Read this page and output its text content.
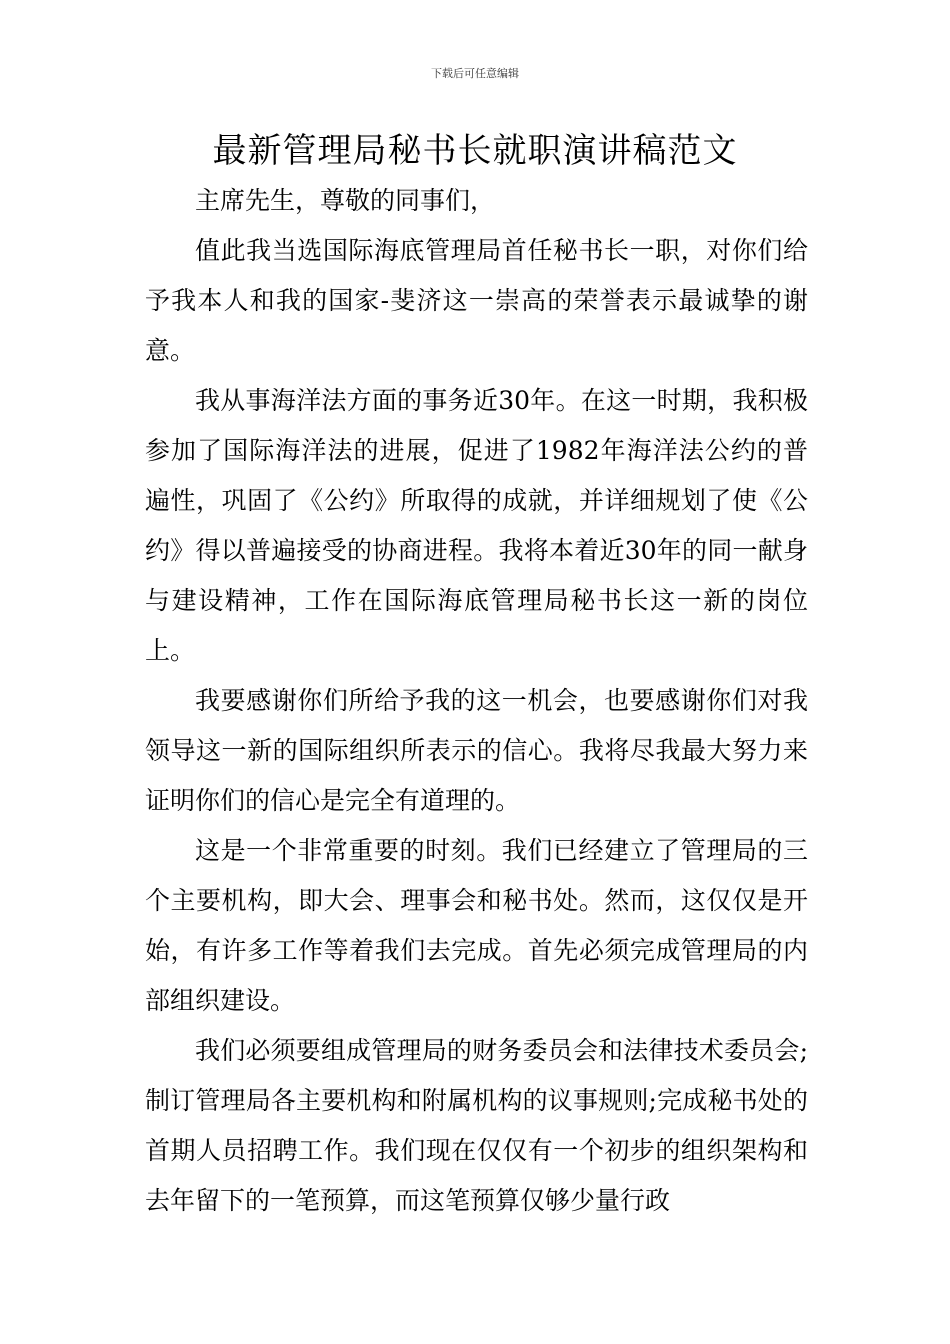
下载后可任意编辑
最新管理局秘书长就职演讲稿范文

主席先生，尊敬的同事们，

值此我当选国际海底管理局首任秘书长一职，对你们给予我本人和我的国家-斐济这一崇高的荣誉表示最诚挚的谢意。

我从事海洋法方面的事务近30年。在这一时期，我积极参加了国际海洋法的进展，促进了1982年海洋法公约的普遍性，巩固了《公约》所取得的成就，并详细规划了使《公约》得以普遍接受的协商进程。我将本着近30年的同一献身与建设精神，工作在国际海底管理局秘书长这一新的岗位上。

我要感谢你们所给予我的这一机会，也要感谢你们对我领导这一新的国际组织所表示的信心。我将尽我最大努力来证明你们的信心是完全有道理的。

这是一个非常重要的时刻。我们已经建立了管理局的三个主要机构，即大会、理事会和秘书处。然而，这仅仅是开始，有许多工作等着我们去完成。首先必须完成管理局的内部组织建设。

我们必须要组成管理局的财务委员会和法律技术委员会;制订管理局各主要机构和附属机构的议事规则;完成秘书处的首期人员招聘工作。我们现在仅仅有一个初步的组织架构和去年留下的一笔预算，而这笔预算仅够少量行政
